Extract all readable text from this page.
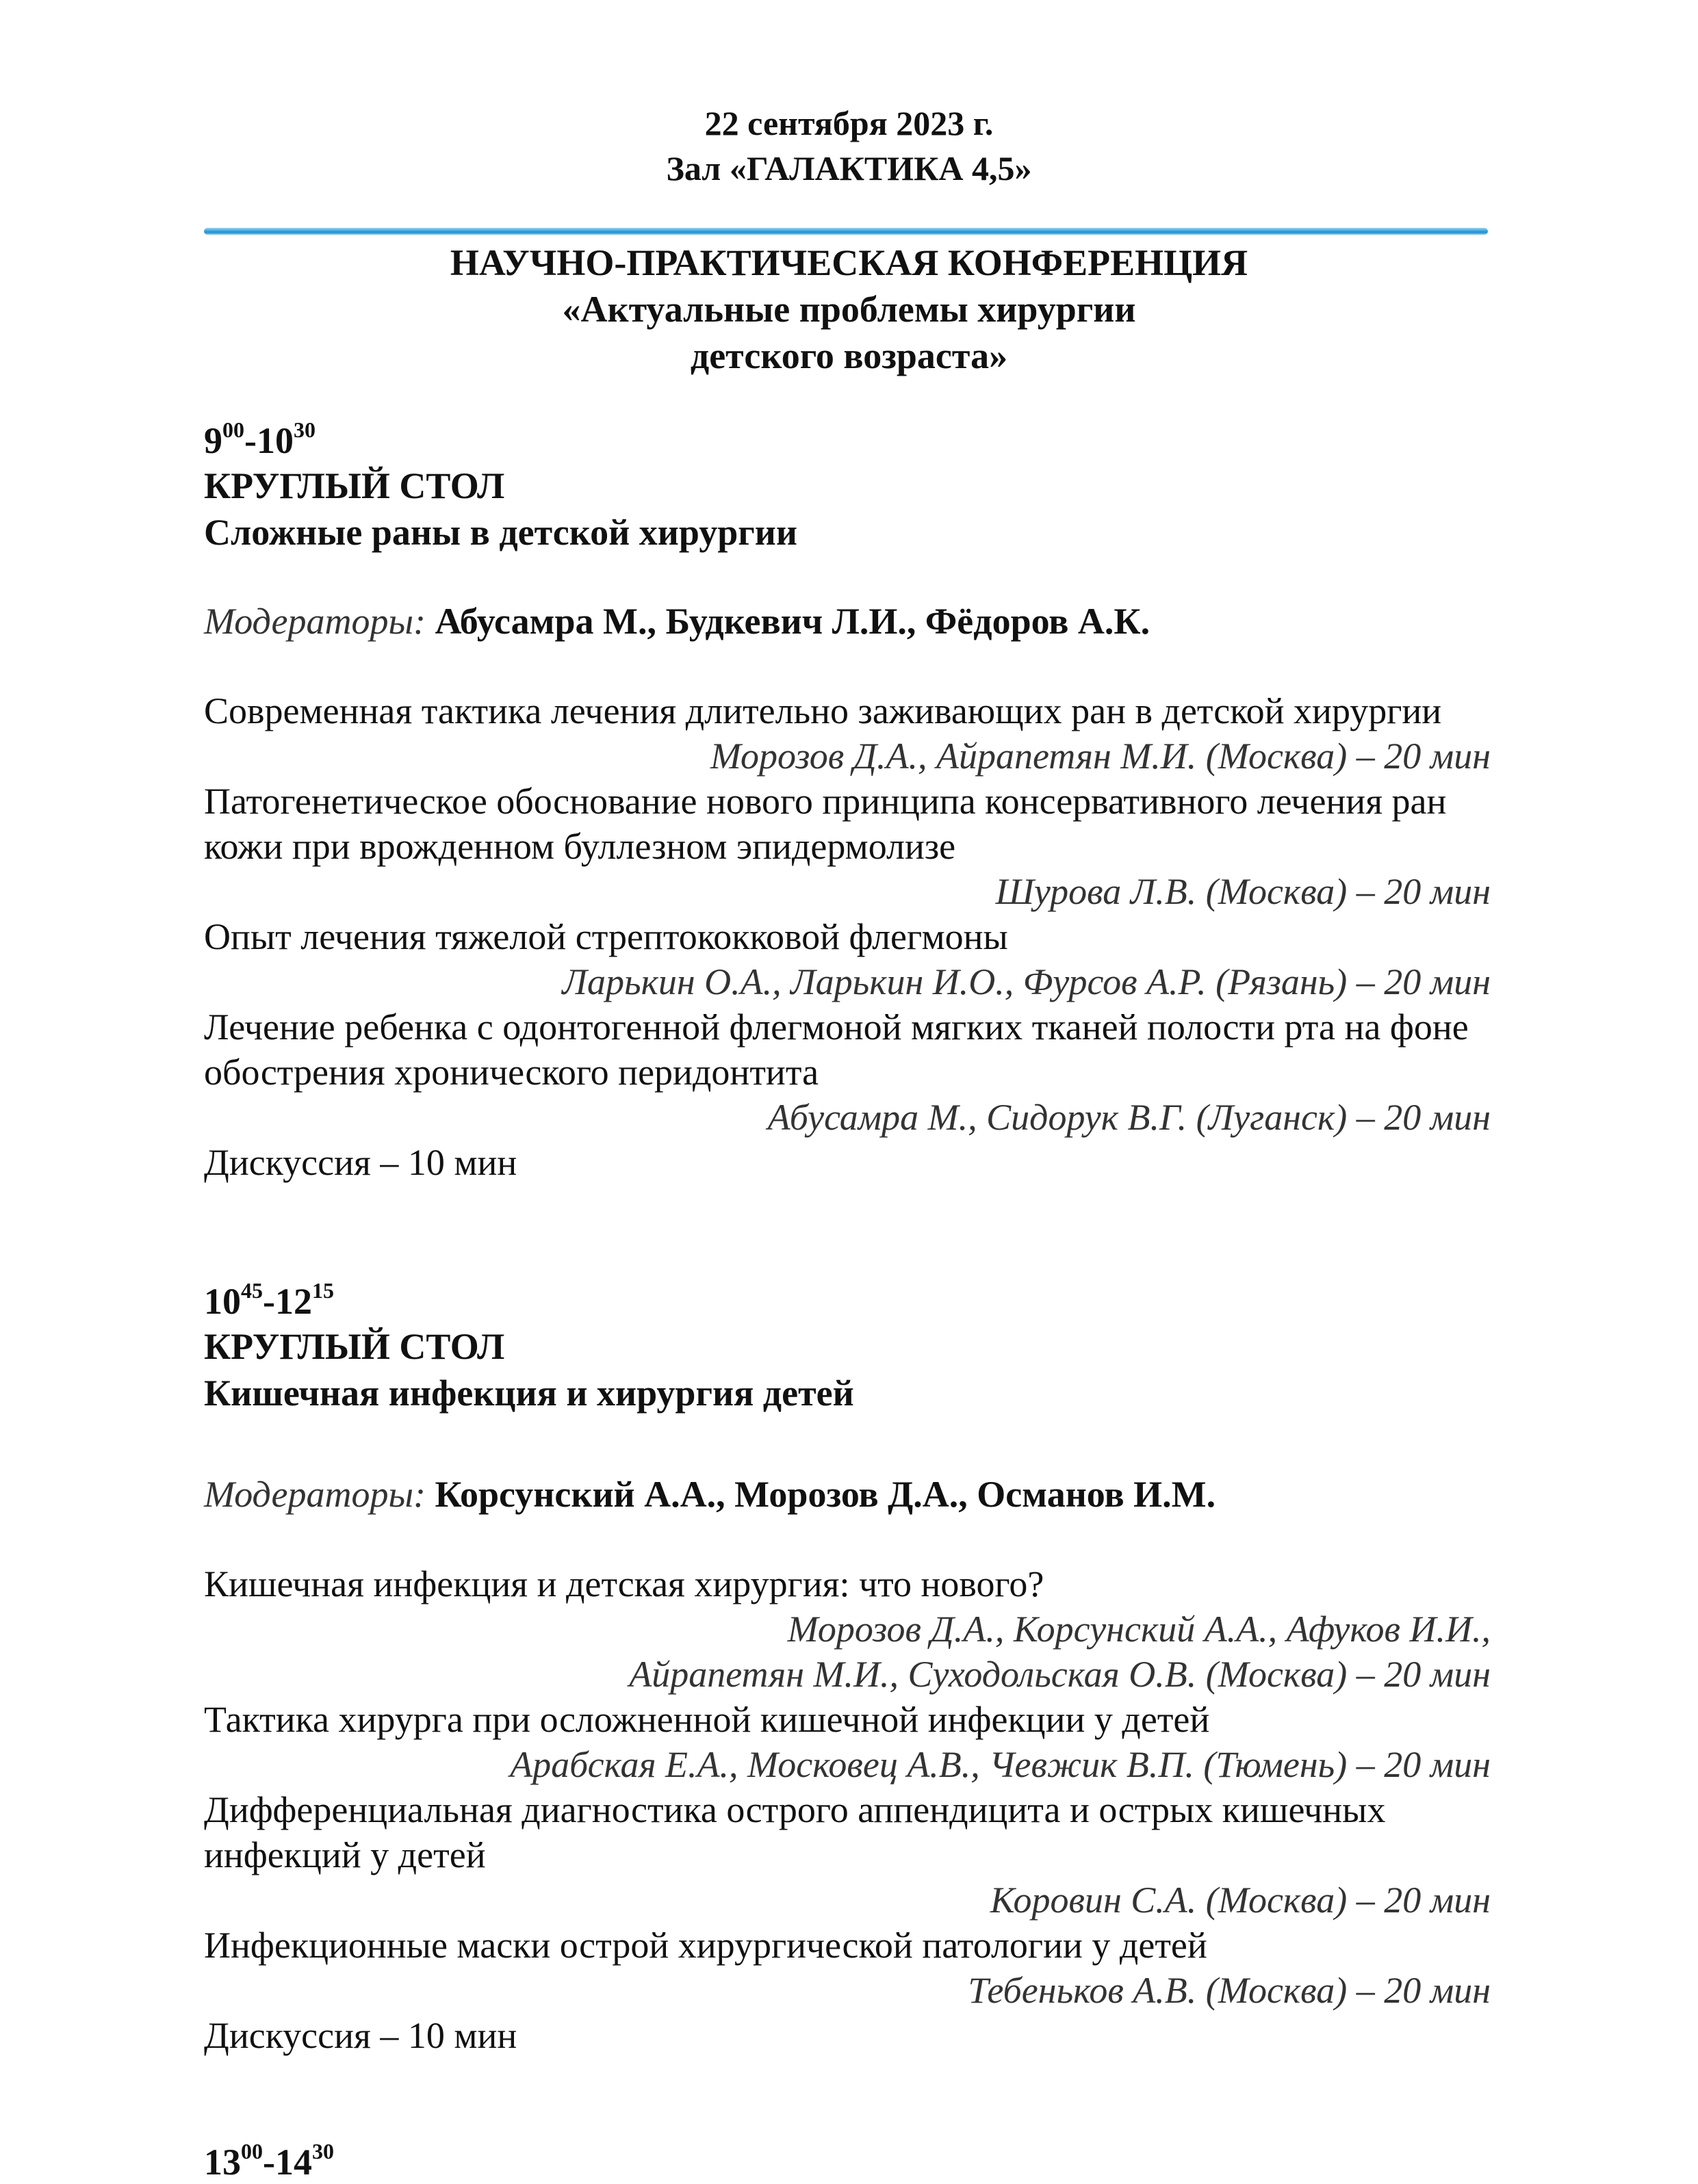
22 сентября 2023 г.
Зал «ГАЛАКТИКА 4,5»
НАУЧНО-ПРАКТИЧЕСКАЯ КОНФЕРЕНЦИЯ
«Актуальные проблемы хирургии
детского возраста»
$9^{00}-10^{30}$
КРУГЛЫЙ СТОЛ
Сложные раны в детской хирургии
Модераторы: Абусамра М., Будкевич Л.И., Фёдоров А.К.
Современная тактика лечения длительно заживающих ран в детской хирургии
Морозов Д.А., Айрапетян М.И. (Москва) – 20 мин
Патогенетическое обоснование нового принципа консервативного лечения ран кожи при врожденном буллезном эпидермолизе
Шурова Л.В. (Москва) – 20 мин
Опыт лечения тяжелой стрептококковой флегмоны
Ларькин О.А., Ларькин И.О., Фурсов А.Р. (Рязань) – 20 мин
Лечение ребенка с одонтогенной флегмоной мягких тканей полости рта на фоне обострения хронического перидонтита
Абусамра М., Сидорук В.Г. (Луганск) – 20 мин
Дискуссия – 10 мин
$10^{45}-12^{15}$
КРУГЛЫЙ СТОЛ
Кишечная инфекция и хирургия детей
Модераторы: Корсунский А.А., Морозов Д.А., Османов И.М.
Кишечная инфекция и детская хирургия: что нового?
Морозов Д.А., Корсунский А.А., Афуков И.И.,
Айрапетян М.И., Суходольская О.В. (Москва) – 20 мин
Тактика хирурга при осложненной кишечной инфекции у детей
Арабская Е.А., Московец А.В., Чевжик В.П. (Тюмень) – 20 мин
Дифференциальная диагностика острого аппендицита и острых кишечных инфекций у детей
Коровин С.А. (Москва) – 20 мин
Инфекционные маски острой хирургической патологии у детей
Тебеньков А.В. (Москва) – 20 мин
Дискуссия – 10 мин
$13^{00}-14^{30}$
